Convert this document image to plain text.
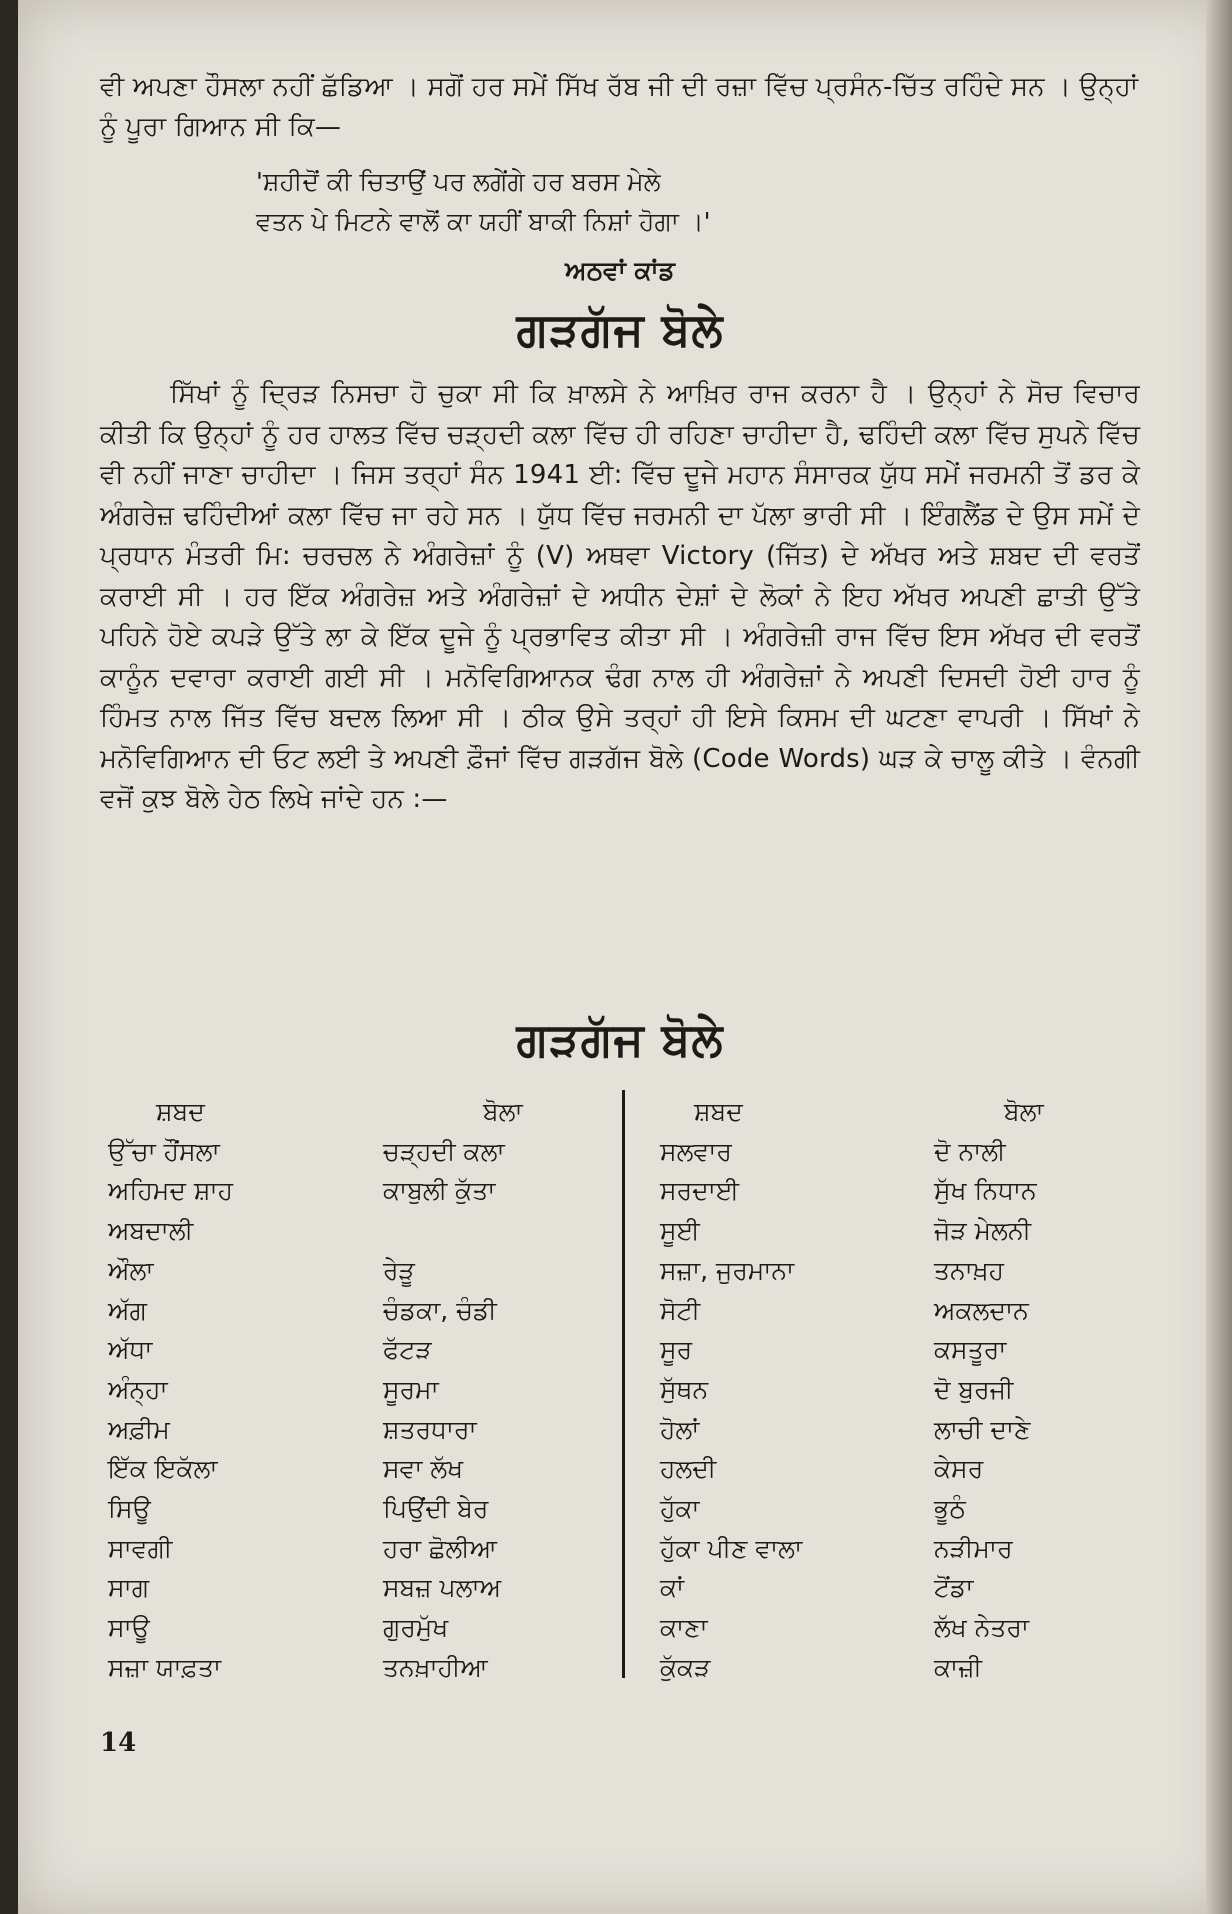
ਵੀ ਅਪਣਾ ਹੌਸਲਾ ਨਹੀਂ ਛੱਡਿਆ । ਸਗੋਂ ਹਰ ਸਮੇਂ ਸਿੱਖ ਰੱਬ ਜੀ ਦੀ ਰਜ਼ਾ ਵਿੱਚ ਪ੍ਰਸੰਨ-ਚਿੱਤ ਰਹਿੰਦੇ ਸਨ । ਉਨ੍ਹਾਂ ਨੂੰ ਪੂਰਾ ਗਿਆਨ ਸੀ ਕਿ—
'ਸ਼ਹੀਦੋਂ ਕੀ ਚਿਤਾਉਂ ਪਰ ਲਗੇਂਗੇ ਹਰ ਬਰਸ ਮੇਲੇ
ਵਤਨ ਪੇ ਮਿਟਨੇ ਵਾਲੋਂ ਕਾ ਯਹੀਂ ਬਾਕੀ ਨਿਸ਼ਾਂ ਹੋਗਾ ।'
ਅਠਵਾਂ ਕਾਂਡ
ਗੜਗੱਜ ਬੋਲੇ
ਸਿੱਖਾਂ ਨੂੰ ਦ੍ਰਿੜ ਨਿਸਚਾ ਹੋ ਚੁਕਾ ਸੀ ਕਿ ਖ਼ਾਲਸੇ ਨੇ ਆਖ਼ਿਰ ਰਾਜ ਕਰਨਾ ਹੈ । ਉਨ੍ਹਾਂ ਨੇ ਸੋਚ ਵਿਚਾਰ ਕੀਤੀ ਕਿ ਉਨ੍ਹਾਂ ਨੂੰ ਹਰ ਹਾਲਤ ਵਿੱਚ ਚੜ੍ਹਦੀ ਕਲਾ ਵਿੱਚ ਹੀ ਰਹਿਣਾ ਚਾਹੀਦਾ ਹੈ, ਢਹਿੰਦੀ ਕਲਾ ਵਿੱਚ ਸੁਪਨੇ ਵਿੱਚ ਵੀ ਨਹੀਂ ਜਾਣਾ ਚਾਹੀਦਾ । ਜਿਸ ਤਰ੍ਹਾਂ ਸੰਨ 1941 ਈ: ਵਿੱਚ ਦੂਜੇ ਮਹਾਨ ਸੰਸਾਰਕ ਯੁੱਧ ਸਮੇਂ ਜਰਮਨੀ ਤੋਂ ਡਰ ਕੇ ਅੰਗਰੇਜ਼ ਢਹਿੰਦੀਆਂ ਕਲਾ ਵਿੱਚ ਜਾ ਰਹੇ ਸਨ । ਯੁੱਧ ਵਿੱਚ ਜਰਮਨੀ ਦਾ ਪੱਲਾ ਭਾਰੀ ਸੀ । ਇੰਗਲੈਂਡ ਦੇ ਉਸ ਸਮੇਂ ਦੇ ਪ੍ਰਧਾਨ ਮੰਤਰੀ ਮਿ: ਚਰਚਲ ਨੇ ਅੰਗਰੇਜ਼ਾਂ ਨੂੰ (V) ਅਥਵਾ Victory (ਜਿੱਤ) ਦੇ ਅੱਖਰ ਅਤੇ ਸ਼ਬਦ ਦੀ ਵਰਤੋਂ ਕਰਾਈ ਸੀ । ਹਰ ਇੱਕ ਅੰਗਰੇਜ਼ ਅਤੇ ਅੰਗਰੇਜ਼ਾਂ ਦੇ ਅਧੀਨ ਦੇਸ਼ਾਂ ਦੇ ਲੋਕਾਂ ਨੇ ਇਹ ਅੱਖਰ ਅਪਣੀ ਛਾਤੀ ਉੱਤੇ ਪਹਿਨੇ ਹੋਏ ਕਪੜੇ ਉੱਤੇ ਲਾ ਕੇ ਇੱਕ ਦੂਜੇ ਨੂੰ ਪ੍ਰਭਾਵਿਤ ਕੀਤਾ ਸੀ । ਅੰਗਰੇਜ਼ੀ ਰਾਜ ਵਿੱਚ ਇਸ ਅੱਖਰ ਦੀ ਵਰਤੋਂ ਕਾਨੂੰਨ ਦਵਾਰਾ ਕਰਾਈ ਗਈ ਸੀ । ਮਨੋਵਿਗਿਆਨਕ ਢੰਗ ਨਾਲ ਹੀ ਅੰਗਰੇਜ਼ਾਂ ਨੇ ਅਪਣੀ ਦਿਸਦੀ ਹੋਈ ਹਾਰ ਨੂੰ ਹਿੰਮਤ ਨਾਲ ਜਿੱਤ ਵਿੱਚ ਬਦਲ ਲਿਆ ਸੀ । ਠੀਕ ਉਸੇ ਤਰ੍ਹਾਂ ਹੀ ਇਸੇ ਕਿਸਮ ਦੀ ਘਟਣਾ ਵਾਪਰੀ । ਸਿੱਖਾਂ ਨੇ ਮਨੋਵਿਗਿਆਨ ਦੀ ਓਟ ਲਈ ਤੇ ਅਪਣੀ ਫ਼ੌਜਾਂ ਵਿੱਚ ਗੜਗੱਜ ਬੋਲੇ (Code Words) ਘੜ ਕੇ ਚਾਲੂ ਕੀਤੇ । ਵੰਨਗੀ ਵਜੋਂ ਕੁਝ ਬੋਲੇ ਹੇਠ ਲਿਖੇ ਜਾਂਦੇ ਹਨ :—
ਗੜਗੱਜ ਬੋਲੇ
ਸ਼ਬਦ
ਉੱਚਾ ਹੌਂਸਲਾ
ਅਹਿਮਦ ਸ਼ਾਹ
ਅਬਦਾਲੀ
ਔਲਾ
ਅੱਗ
ਅੱਧਾ
ਅੰਨ੍ਹਾ
ਅਫ਼ੀਮ
ਇੱਕ ਇਕੱਲਾ
ਸਿਊ
ਸਾਵਗੀ
ਸਾਗ
ਸਾਊ
ਸਜ਼ਾ ਯਾਫ਼ਤਾ
ਬੋਲਾ
ਚੜ੍ਹਦੀ ਕਲਾ
ਕਾਬੁਲੀ ਕੁੱਤਾ

ਰੇੜੂ
ਚੰਡਕਾ, ਚੰਡੀ
ਫੱਟੜ
ਸੂਰਮਾ
ਸ਼ਤਰਧਾਰਾ
ਸਵਾ ਲੱਖ
ਪਿਉਂਦੀ ਬੇਰ
ਹਰਾ ਛੋਲੀਆ
ਸਬਜ਼ ਪਲਾਅ
ਗੁਰਮੁੱਖ
ਤਨਖ਼ਾਹੀਆ
ਸ਼ਬਦ
ਸਲਵਾਰ
ਸਰਦਾਈ
ਸੂਈ
ਸਜ਼ਾ, ਜੁਰਮਾਨਾ
ਸੋਟੀ
ਸੂਰ
ਸੁੱਥਨ
ਹੋਲਾਂ
ਹਲਦੀ
ਹੁੱਕਾ
ਹੁੱਕਾ ਪੀਣ ਵਾਲਾ
ਕਾਂ
ਕਾਣਾ
ਕੁੱਕੜ
ਬੋਲਾ
ਦੋ ਨਾਲੀ
ਸੁੱਖ ਨਿਧਾਨ
ਜੋੜ ਮੇਲਨੀ
ਤਨਾਖ਼ਹ
ਅਕਲਦਾਨ
ਕਸਤੂਰਾ
ਦੋ ਬੁਰਜੀ
ਲਾਚੀ ਦਾਣੇ
ਕੇਸਰ
ਭੂਠੰ
ਨੜੀਮਾਰ
ਟੋਂਡਾ
ਲੱਖ ਨੇਤਰਾ
ਕਾਜ਼ੀ
14
